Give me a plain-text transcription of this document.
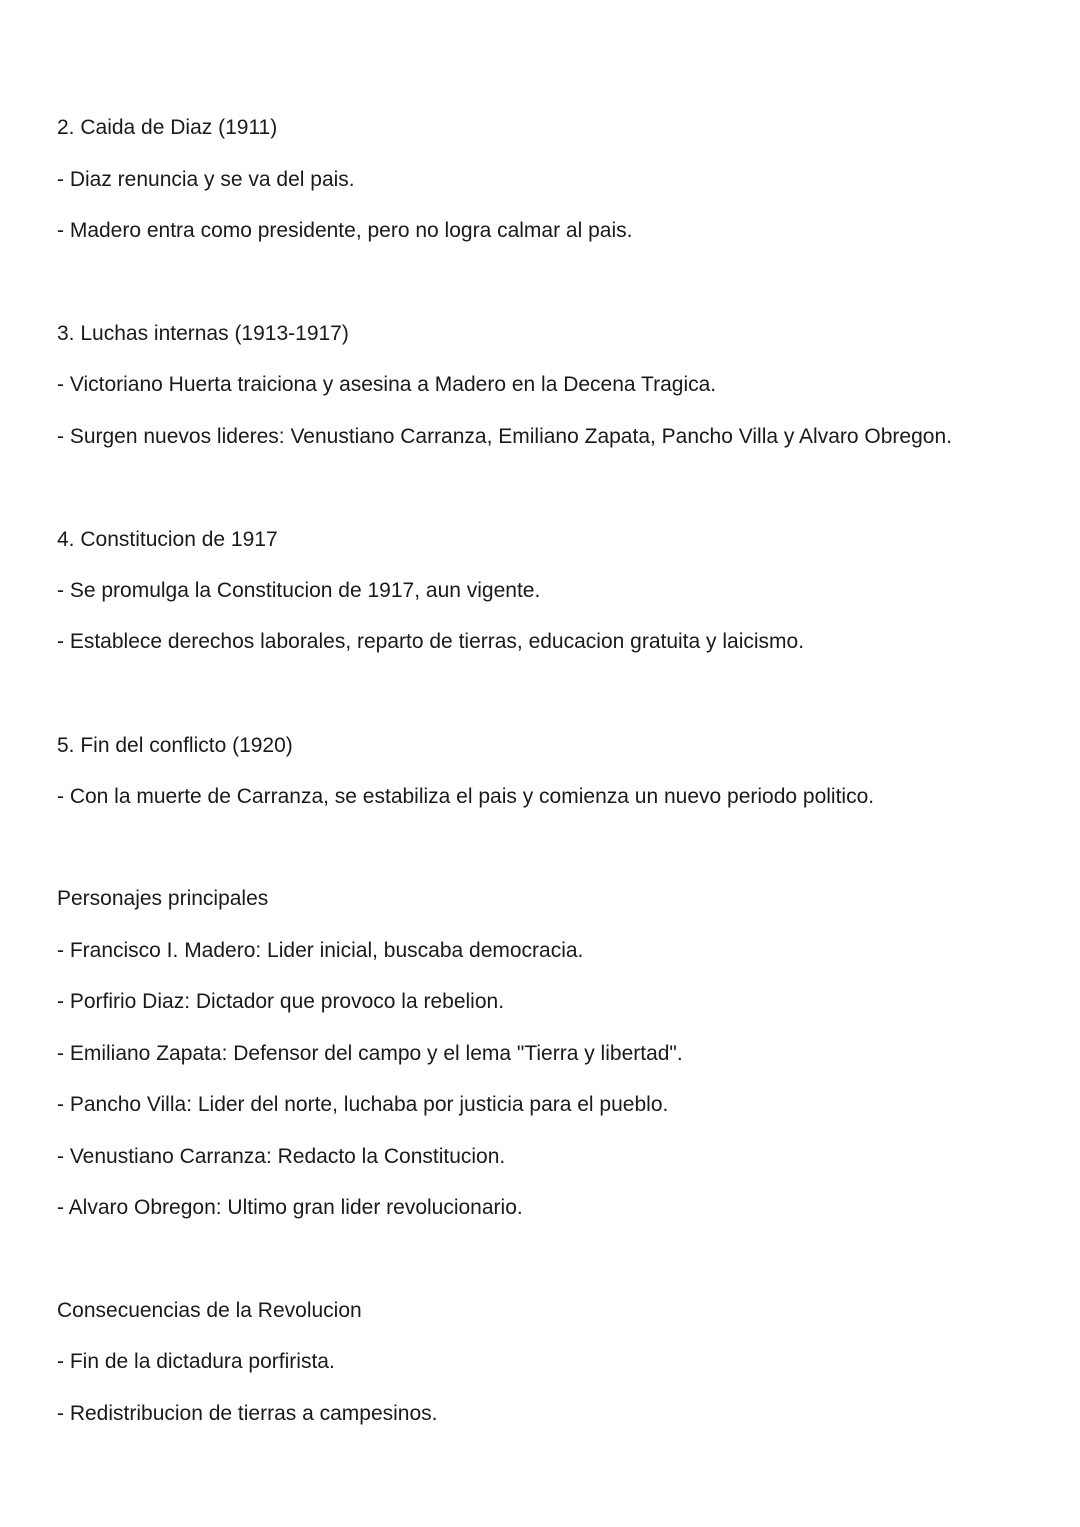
2. Caida de Diaz (1911)
- Diaz renuncia y se va del pais.
- Madero entra como presidente, pero no logra calmar al pais.
3. Luchas internas (1913-1917)
- Victoriano Huerta traiciona y asesina a Madero en la Decena Tragica.
- Surgen nuevos lideres: Venustiano Carranza, Emiliano Zapata, Pancho Villa y Alvaro Obregon.
4. Constitucion de 1917
- Se promulga la Constitucion de 1917, aun vigente.
- Establece derechos laborales, reparto de tierras, educacion gratuita y laicismo.
5. Fin del conflicto (1920)
- Con la muerte de Carranza, se estabiliza el pais y comienza un nuevo periodo politico.
Personajes principales
- Francisco I. Madero: Lider inicial, buscaba democracia.
- Porfirio Diaz: Dictador que provoco la rebelion.
- Emiliano Zapata: Defensor del campo y el lema "Tierra y libertad".
- Pancho Villa: Lider del norte, luchaba por justicia para el pueblo.
- Venustiano Carranza: Redacto la Constitucion.
- Alvaro Obregon: Ultimo gran lider revolucionario.
Consecuencias de la Revolucion
- Fin de la dictadura porfirista.
- Redistribucion de tierras a campesinos.
